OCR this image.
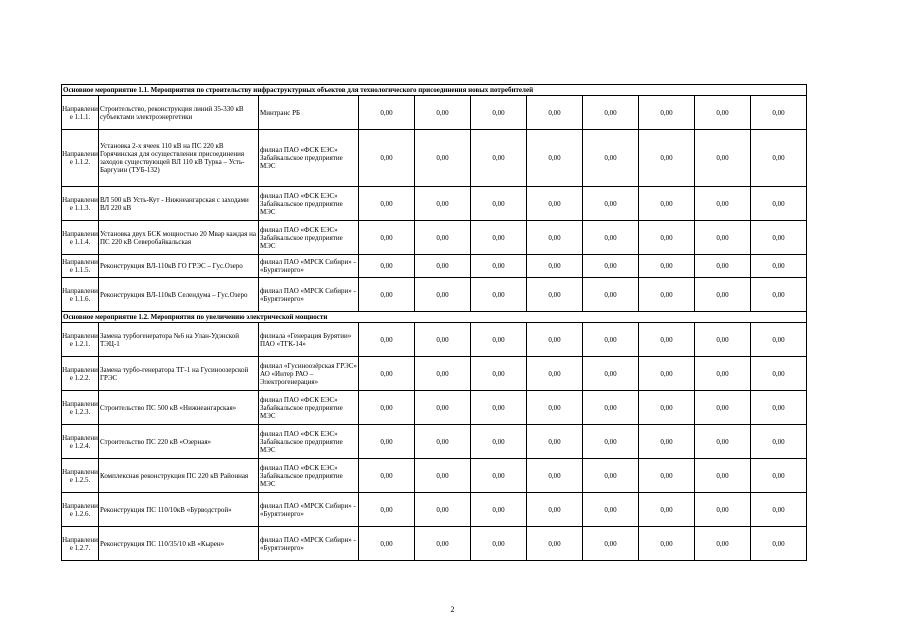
Основное мероприятие 1.1. Мероприятия по строительству инфраструктурных объектов для технологического присоединения новых потребителей										
Направлени
е 1.1.1.	Строительство, реконструкция линий 35-330 кВ субъектами электроэнергетики	Минтранс РБ	0,00	0,00	0,00	0,00	0,00	0,00	0,00	0,00
Направлени
е 1.1.2.	Установка 2-х ячеек 110 кВ на ПС 220 кВ Горячинская для осуществления присоединения заходов существующей ВЛ 110 кВ Турка – Усть-Баргузин (ТУБ-132)	филиал ПАО «ФСК ЕЭС» Забайкальское предприятие МЭС	0,00	0,00	0,00	0,00	0,00	0,00	0,00	0,00
Направлени
е 1.1.3.	ВЛ 500 кВ Усть-Кут - Нижнеангарская с заходами ВЛ 220 кВ	филиал ПАО «ФСК ЕЭС» Забайкальское предприятие МЭС	0,00	0,00	0,00	0,00	0,00	0,00	0,00	0,00
Направлени
е 1.1.4.	Установка двух БСК мощностью 20 Мвар каждая на ПС 220 кВ Северобайкальская	филиал ПАО «ФСК ЕЭС» Забайкальское предприятие МЭС	0,00	0,00	0,00	0,00	0,00	0,00	0,00	0,00
Направлени
е 1.1.5.	Реконструкция ВЛ-110кВ ГО ГРЭС – Гус.Озеро	филиал ПАО «МРСК Сибири» - «Бурятэнерго»	0,00	0,00	0,00	0,00	0,00	0,00	0,00	0,00
Направлени
е 1.1.6.	Реконструкция ВЛ-110кВ Селендума – Гус.Озеро	филиал ПАО «МРСК Сибири» - «Бурятэнерго»	0,00	0,00	0,00	0,00	0,00	0,00	0,00	0,00
Основное мероприятие 1.2. Мероприятия по увеличению электрической мощности										
Направлени
е 1.2.1.	Замена турбогенератора №6 на Улан-Удэнской ТЭЦ-1	филиала «Генерация Бурятии» ПАО «ТГК-14»	0,00	0,00	0,00	0,00	0,00	0,00	0,00	0,00
Направлени
е 1.2.2.	Замена турбо-генератора ТГ-1 на Гусиноозерской ГРЭС	филиал «Гусиноозёрская ГРЭС» АО «Интер РАО – Электрогенерация»	0,00	0,00	0,00	0,00	0,00	0,00	0,00	0,00
Направлени
е 1.2.3.	Строительство ПС 500 кВ «Нижнеангарская»	филиал ПАО «ФСК ЕЭС» Забайкальское предприятие МЭС	0,00	0,00	0,00	0,00	0,00	0,00	0,00	0,00
Направлени
е 1.2.4.	Строительство ПС 220 кВ «Озерная»	филиал ПАО «ФСК ЕЭС» Забайкальское предприятие МЭС	0,00	0,00	0,00	0,00	0,00	0,00	0,00	0,00
Направлени
е 1.2.5.	Комплексная реконструкция ПС 220 кВ Районная	филиал ПАО «ФСК ЕЭС» Забайкальское предприятие МЭС	0,00	0,00	0,00	0,00	0,00	0,00	0,00	0,00
Направлени
е 1.2.6.	Реконструкция ПС 110/10кВ «Бурводстрой»	филиал ПАО «МРСК Сибири» - «Бурятэнерго»	0,00	0,00	0,00	0,00	0,00	0,00	0,00	0,00
Направлени
е 1.2.7.	Реконструкция ПС 110/35/10 кВ «Кырен»	филиал ПАО «МРСК Сибири» - «Бурятэнерго»	0,00	0,00	0,00	0,00	0,00	0,00	0,00	0,00
2
